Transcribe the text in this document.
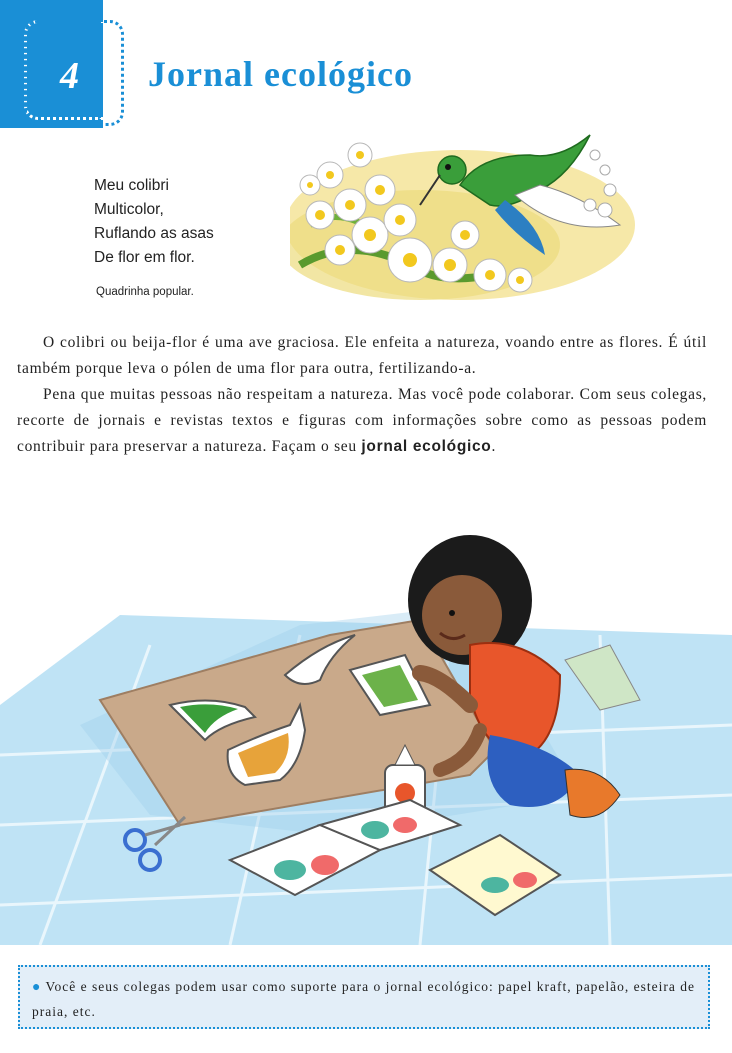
4 Jornal ecológico
Meu colibri
Multicolor,
Ruflando as asas
De flor em flor.
Quadrinha popular.
O colibri ou beija-flor é uma ave graciosa. Ele enfeita a natureza, voando entre as flores. É útil também porque leva o pólen de uma flor para outra, fertilizando-a.
Pena que muitas pessoas não respeitam a natureza. Mas você pode colaborar. Com seus colegas, recorte de jornais e revistas textos e figuras com informações sobre como as pessoas podem contribuir para preservar a natureza. Façam o seu jornal ecológico.
● Você e seus colegas podem usar como suporte para o jornal ecológico: papel kraft, papelão, esteira de praia, etc.
